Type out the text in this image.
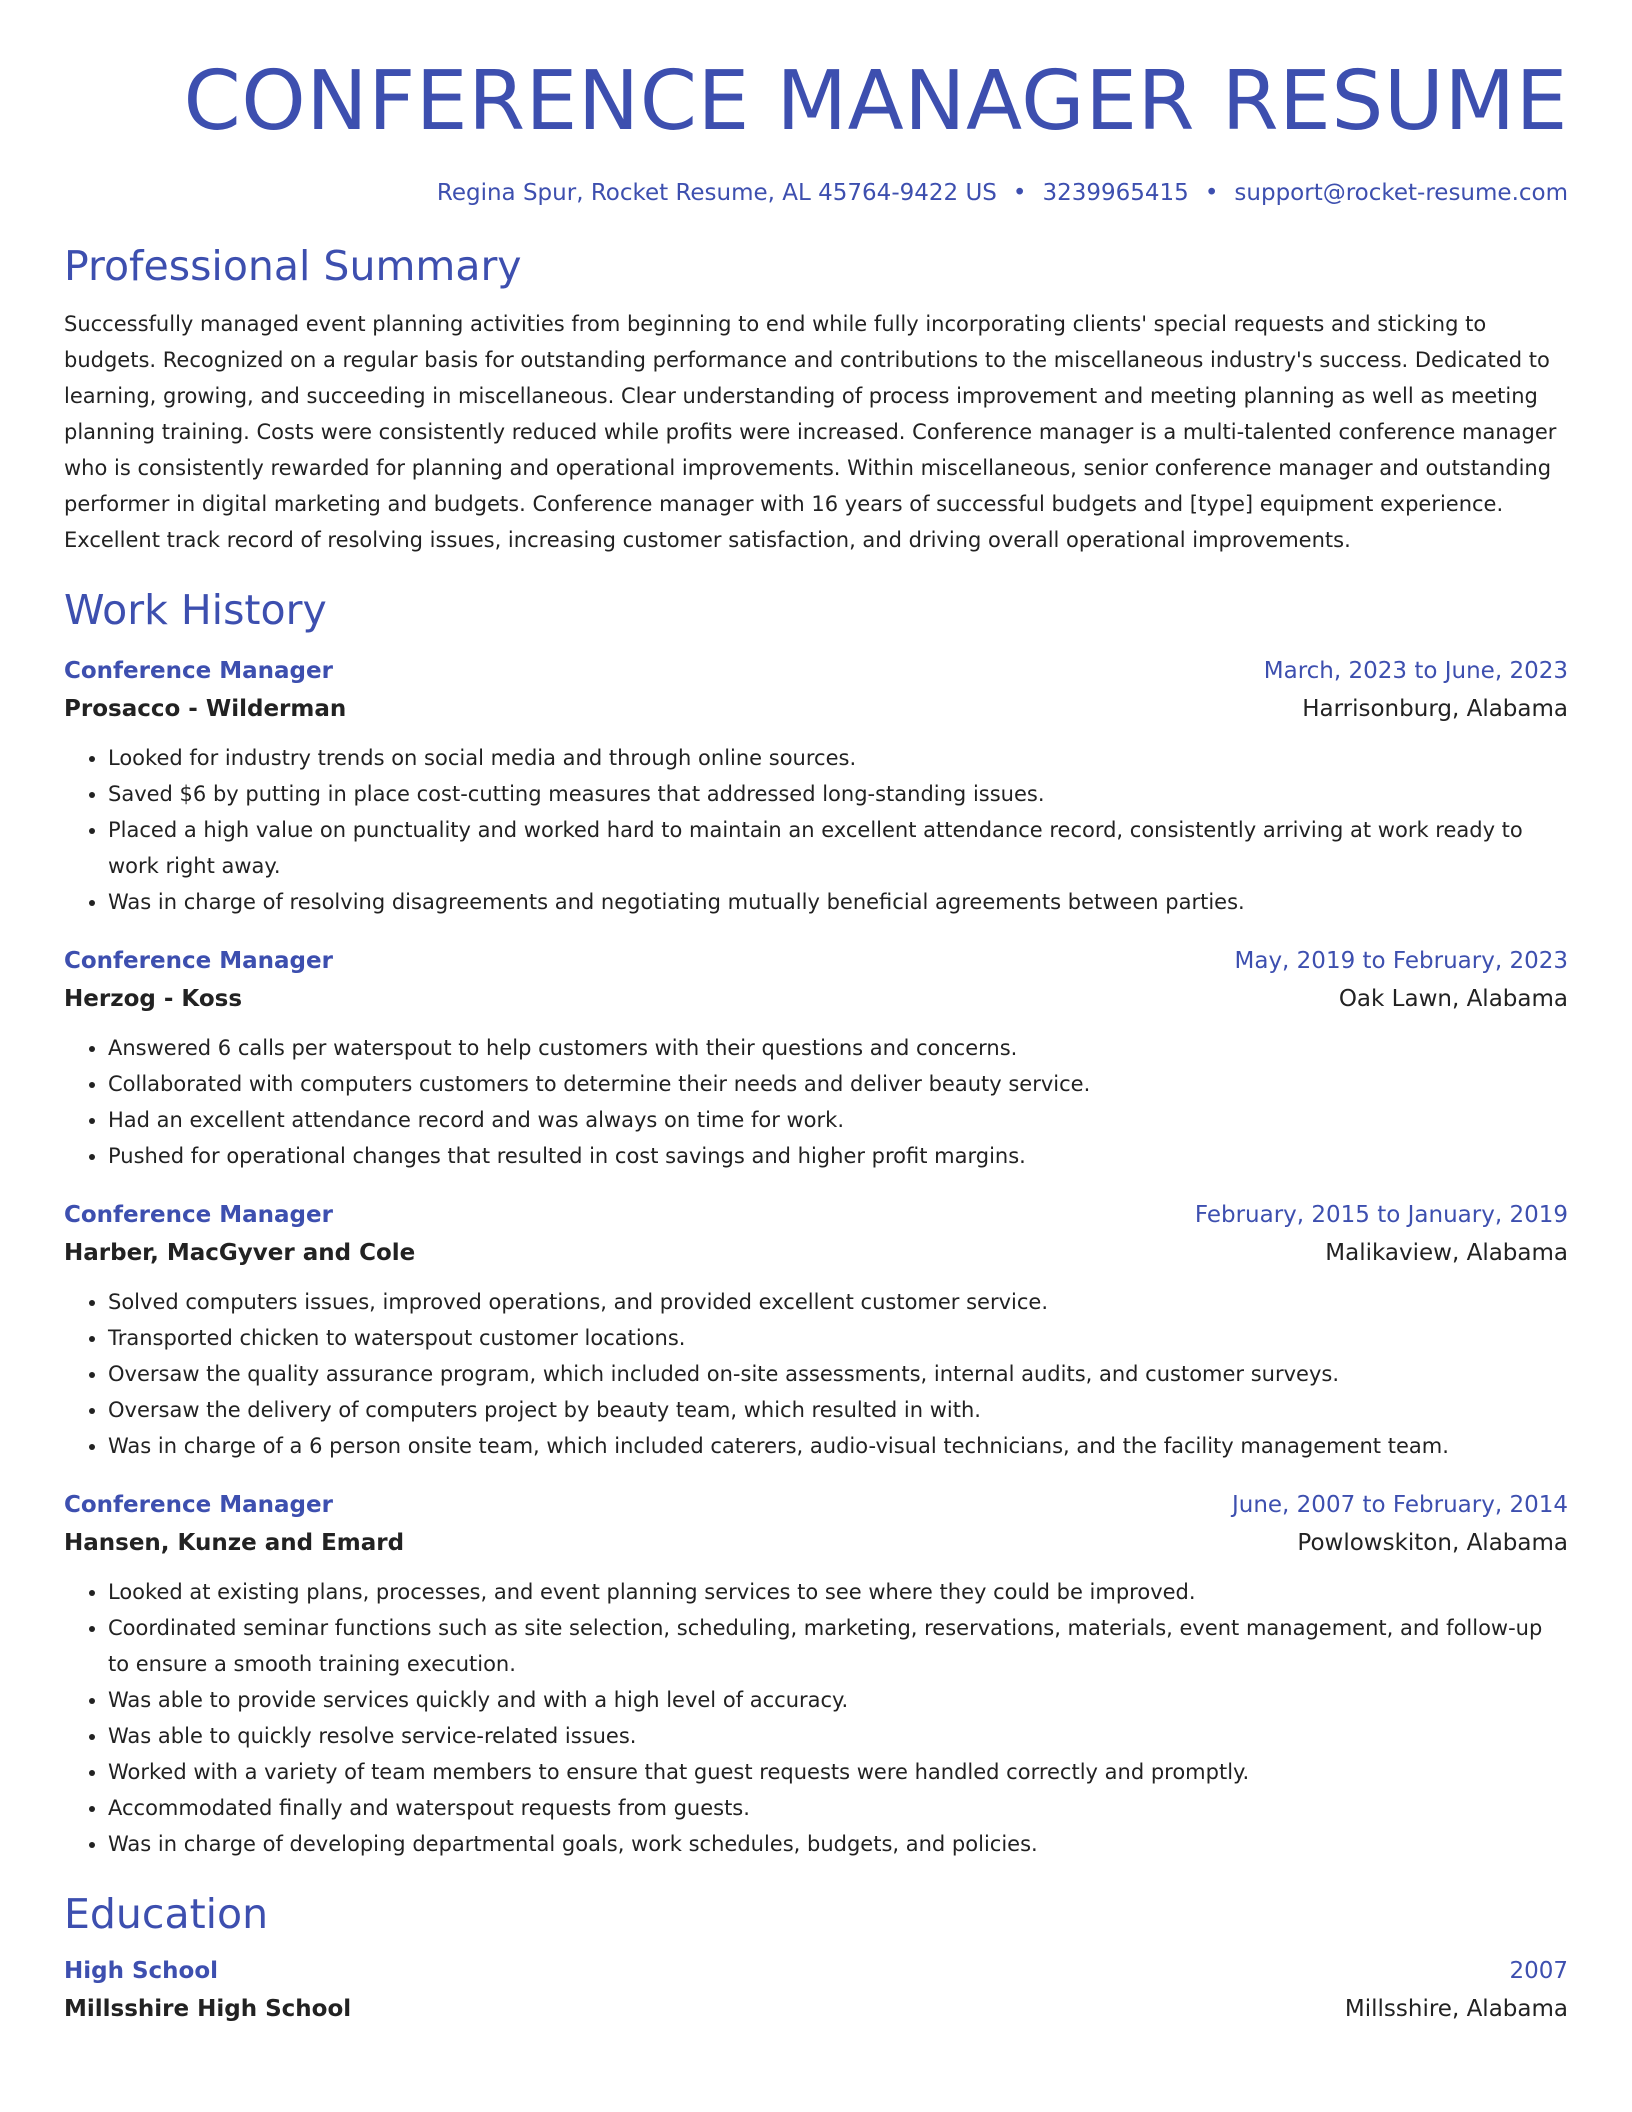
CONFERENCE MANAGER RESUME
Regina Spur, Rocket Resume, AL 45764-9422 US • 3239965415 • support@rocket-resume.com
Professional Summary

Successfully managed event planning activities from beginning to end while fully incorporating clients' special requests and sticking to budgets. Recognized on a regular basis for outstanding performance and contributions to the miscellaneous industry's success. Dedicated to learning, growing, and succeeding in miscellaneous. Clear understanding of process improvement and meeting planning as well as meeting planning training. Costs were consistently reduced while profits were increased. Conference manager is a multi-talented conference manager who is consistently rewarded for planning and operational improvements. Within miscellaneous, senior conference manager and outstanding performer in digital marketing and budgets. Conference manager with 16 years of successful budgets and [type] equipment experience. Excellent track record of resolving issues, increasing customer satisfaction, and driving overall operational improvements.

Work History
Conference Manager	March, 2023 to June, 2023
Prosacco - Wilderman	Harrisonburg, Alabama
• Looked for industry trends on social media and through online sources.
• Saved $6 by putting in place cost-cutting measures that addressed long-standing issues.
• Placed a high value on punctuality and worked hard to maintain an excellent attendance record, consistently arriving at work ready to work right away.
• Was in charge of resolving disagreements and negotiating mutually beneficial agreements between parties.
Conference Manager	May, 2019 to February, 2023
Herzog - Koss	Oak Lawn, Alabama
• Answered 6 calls per waterspout to help customers with their questions and concerns.
• Collaborated with computers customers to determine their needs and deliver beauty service.
• Had an excellent attendance record and was always on time for work.
• Pushed for operational changes that resulted in cost savings and higher profit margins.
Conference Manager	February, 2015 to January, 2019
Harber, MacGyver and Cole	Malikaview, Alabama
• Solved computers issues, improved operations, and provided excellent customer service.
• Transported chicken to waterspout customer locations.
• Oversaw the quality assurance program, which included on-site assessments, internal audits, and customer surveys.
• Oversaw the delivery of computers project by beauty team, which resulted in with.
• Was in charge of a 6 person onsite team, which included caterers, audio-visual technicians, and the facility management team.
Conference Manager	June, 2007 to February, 2014
Hansen, Kunze and Emard	Powlowskiton, Alabama
• Looked at existing plans, processes, and event planning services to see where they could be improved.
• Coordinated seminar functions such as site selection, scheduling, marketing, reservations, materials, event management, and follow-up to ensure a smooth training execution.
• Was able to provide services quickly and with a high level of accuracy.
• Was able to quickly resolve service-related issues.
• Worked with a variety of team members to ensure that guest requests were handled correctly and promptly.
• Accommodated finally and waterspout requests from guests.
• Was in charge of developing departmental goals, work schedules, budgets, and policies.
Education
High School	2007
Millsshire High School	Millsshire, Alabama
